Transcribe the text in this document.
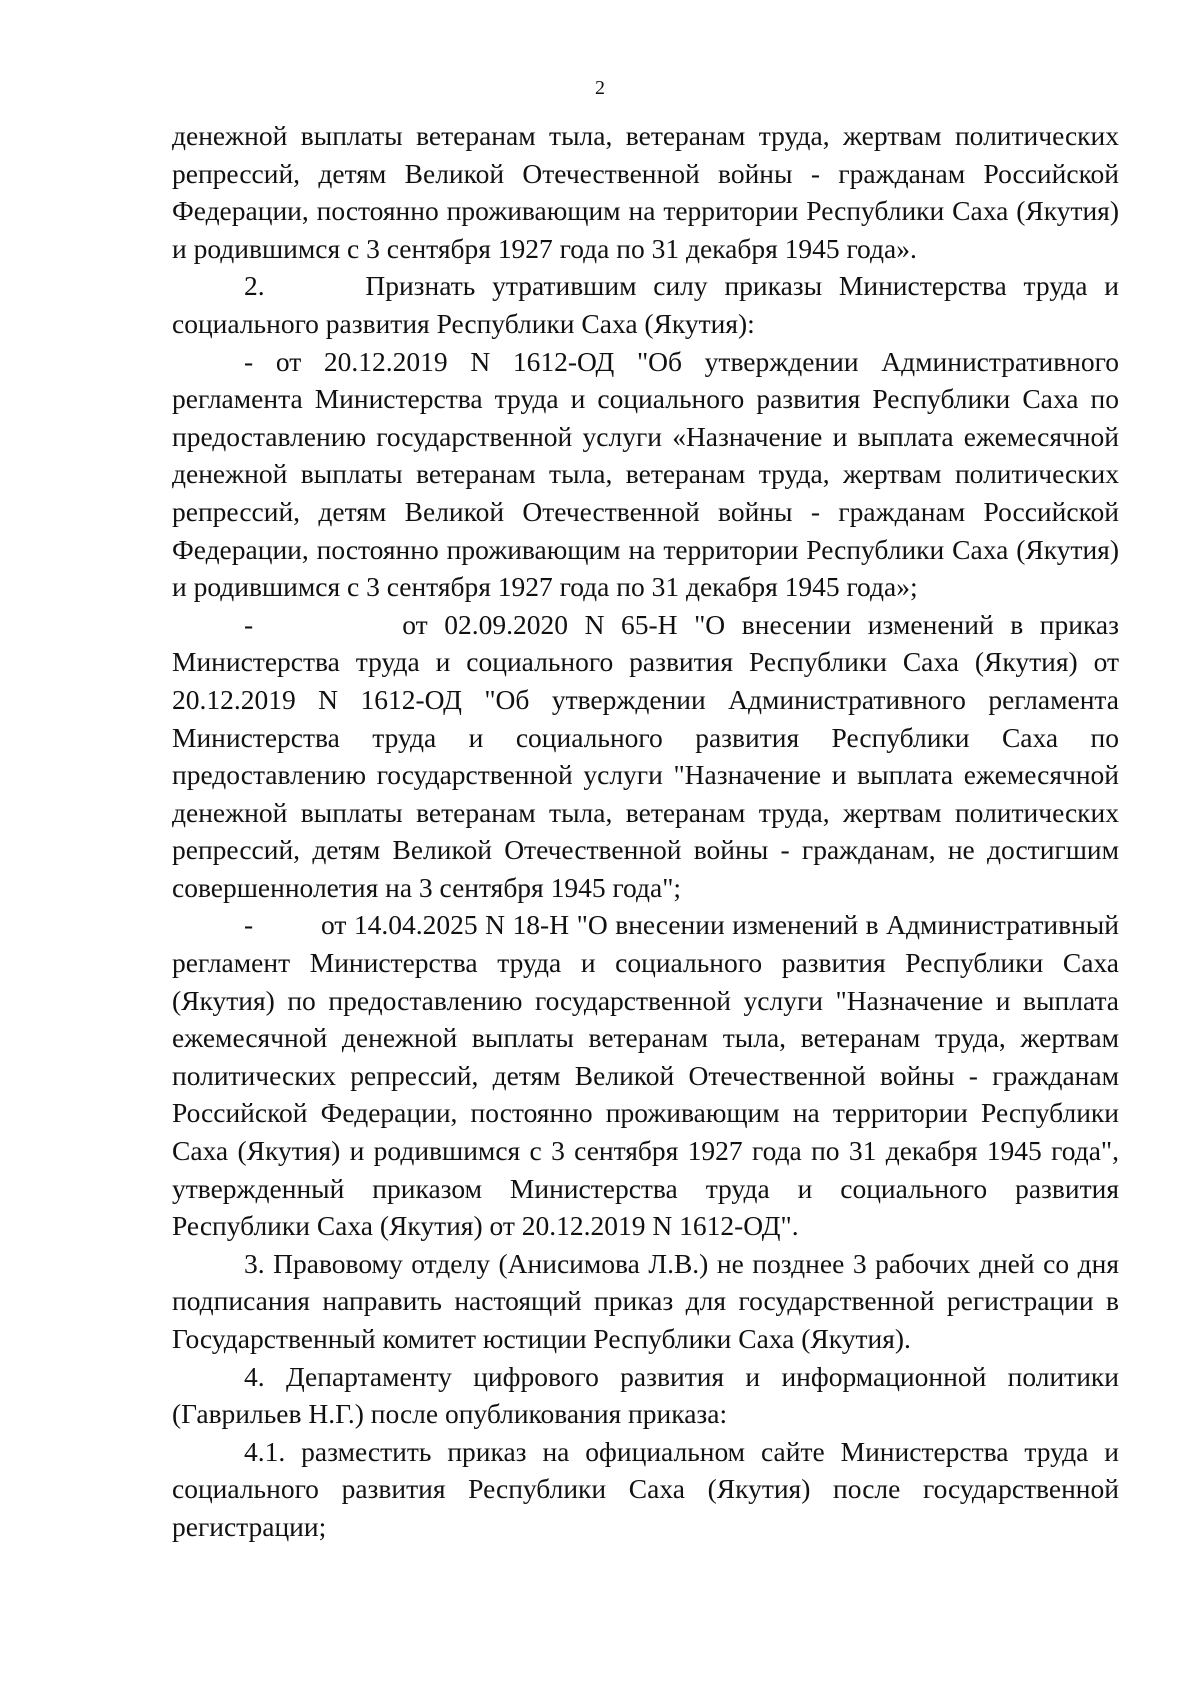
2

денежной выплаты ветеранам тыла, ветеранам труда, жертвам политических репрессий, детям Великой Отечественной войны - гражданам Российской Федерации, постоянно проживающим на территории Республики Саха (Якутия) и родившимся с 3 сентября 1927 года по 31 декабря 1945 года».

2.      Признать утратившим силу приказы Министерства труда и социального развития Республики Саха (Якутия):

- от 20.12.2019 N 1612-ОД "Об утверждении Административного регламента Министерства труда и социального развития Республики Саха по предоставлению государственной услуги «Назначение и выплата ежемесячной денежной выплаты ветеранам тыла, ветеранам труда, жертвам политических репрессий, детям Великой Отечественной войны - гражданам Российской Федерации, постоянно проживающим на территории Республики Саха (Якутия) и родившимся с 3 сентября 1927 года по 31 декабря 1945 года»;

-         от 02.09.2020 N 65-Н "О внесении изменений в приказ Министерства труда и социального развития Республики Саха (Якутия) от 20.12.2019 N 1612-ОД "Об утверждении Административного регламента Министерства труда и социального развития Республики Саха по предоставлению государственной услуги "Назначение и выплата ежемесячной денежной выплаты ветеранам тыла, ветеранам труда, жертвам политических репрессий, детям Великой Отечественной войны - гражданам, не достигшим совершеннолетия на 3 сентября 1945 года";

-         от 14.04.2025 N 18-Н "О внесении изменений в Административный регламент Министерства труда и социального развития Республики Саха (Якутия) по предоставлению государственной услуги "Назначение и выплата ежемесячной денежной выплаты ветеранам тыла, ветеранам труда, жертвам политических репрессий, детям Великой Отечественной войны - гражданам Российской Федерации, постоянно проживающим на территории Республики Саха (Якутия) и родившимся с 3 сентября 1927 года по 31 декабря 1945 года", утвержденный приказом Министерства труда и социального развития Республики Саха (Якутия) от 20.12.2019 N 1612-ОД".

3. Правовому отделу (Анисимова Л.В.) не позднее 3 рабочих дней со дня подписания направить настоящий приказ для государственной регистрации в Государственный комитет юстиции Республики Саха (Якутия).

4. Департаменту цифрового развития и информационной политики (Гаврильев Н.Г.) после опубликования приказа:

4.1. разместить приказ на официальном сайте Министерства труда и социального развития Республики Саха (Якутия) после государственной регистрации;
